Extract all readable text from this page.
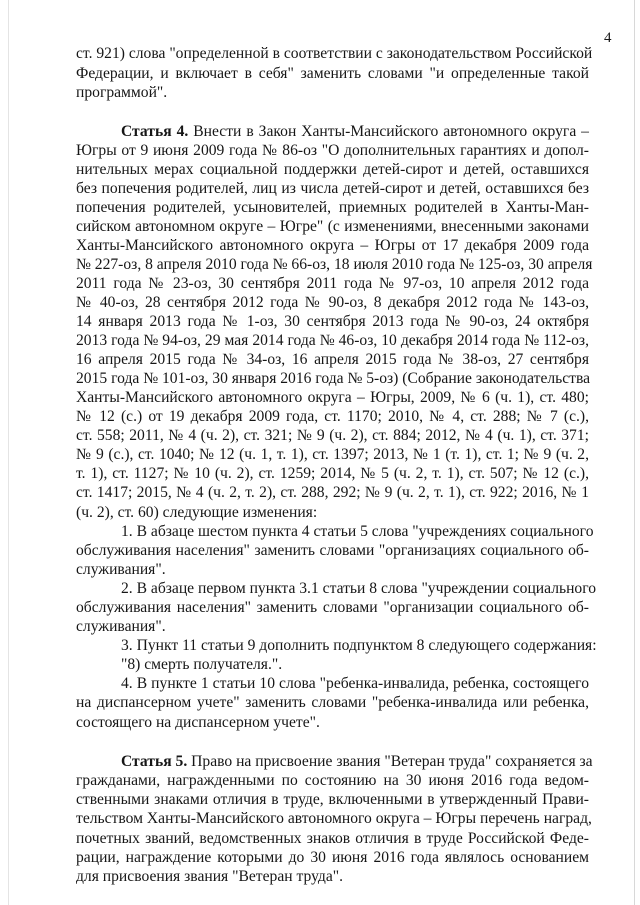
4
ст. 921) слова "определенной в соответствии с законодательством Российской
Федерации, и включает в себя" заменить словами "и определенные такой
программой".
Статья 4. Внести в Закон Ханты-Мансийского автономного округа –
Югры от 9 июня 2009 года № 86-оз "О дополнительных гарантиях и допол-
нительных мерах социальной поддержки детей-сирот и детей, оставшихся
без попечения родителей, лиц из числа детей-сирот и детей, оставшихся без
попечения родителей, усыновителей, приемных родителей в Ханты-Ман-
сийском автономном округе – Югре" (с изменениями, внесенными законами
Ханты-Мансийского автономного округа – Югры от 17 декабря 2009 года
№ 227-оз, 8 апреля 2010 года № 66-оз, 18 июля 2010 года № 125-оз, 30 апреля
2011 года № 23-оз, 30 сентября 2011 года № 97-оз, 10 апреля 2012 года
№ 40-оз, 28 сентября 2012 года № 90-оз, 8 декабря 2012 года № 143-оз,
14 января 2013 года № 1-оз, 30 сентября 2013 года № 90-оз, 24 октября
2013 года № 94-оз, 29 мая 2014 года № 46-оз, 10 декабря 2014 года № 112-оз,
16 апреля 2015 года № 34-оз, 16 апреля 2015 года № 38-оз, 27 сентября
2015 года № 101-оз, 30 января 2016 года № 5-оз) (Собрание законодательства
Ханты-Мансийского автономного округа – Югры, 2009, № 6 (ч. 1), ст. 480;
№ 12 (с.) от 19 декабря 2009 года, ст. 1170; 2010, № 4, ст. 288; № 7 (с.),
ст. 558; 2011, № 4 (ч. 2), ст. 321; № 9 (ч. 2), ст. 884; 2012, № 4 (ч. 1), ст. 371;
№ 9 (с.), ст. 1040; № 12 (ч. 1, т. 1), ст. 1397; 2013, № 1 (т. 1), ст. 1; № 9 (ч. 2,
т. 1), ст. 1127; № 10 (ч. 2), ст. 1259; 2014, № 5 (ч. 2, т. 1), ст. 507; № 12 (с.),
ст. 1417; 2015, № 4 (ч. 2, т. 2), ст. 288, 292; № 9 (ч. 2, т. 1), ст. 922; 2016, № 1
(ч. 2), ст. 60) следующие изменения:
1. В абзаце шестом пункта 4 статьи 5 слова "учреждениях социального
обслуживания населения" заменить словами "организациях социального об-
служивания".
2. В абзаце первом пункта 3.1 статьи 8 слова "учреждении социального
обслуживания населения" заменить словами "организации социального об-
служивания".
3. Пункт 11 статьи 9 дополнить подпунктом 8 следующего содержания:
"8) смерть получателя.".
4. В пункте 1 статьи 10 слова "ребенка-инвалида, ребенка, состоящего
на диспансерном учете" заменить словами "ребенка-инвалида или ребенка,
состоящего на диспансерном учете".
Статья 5. Право на присвоение звания "Ветеран труда" сохраняется за
гражданами, награжденными по состоянию на 30 июня 2016 года ведом-
ственными знаками отличия в труде, включенными в утвержденный Прави-
тельством Ханты-Мансийского автономного округа – Югры перечень наград,
почетных званий, ведомственных знаков отличия в труде Российской Феде-
рации, награждение которыми до 30 июня 2016 года являлось основанием
для присвоения звания "Ветеран труда".
